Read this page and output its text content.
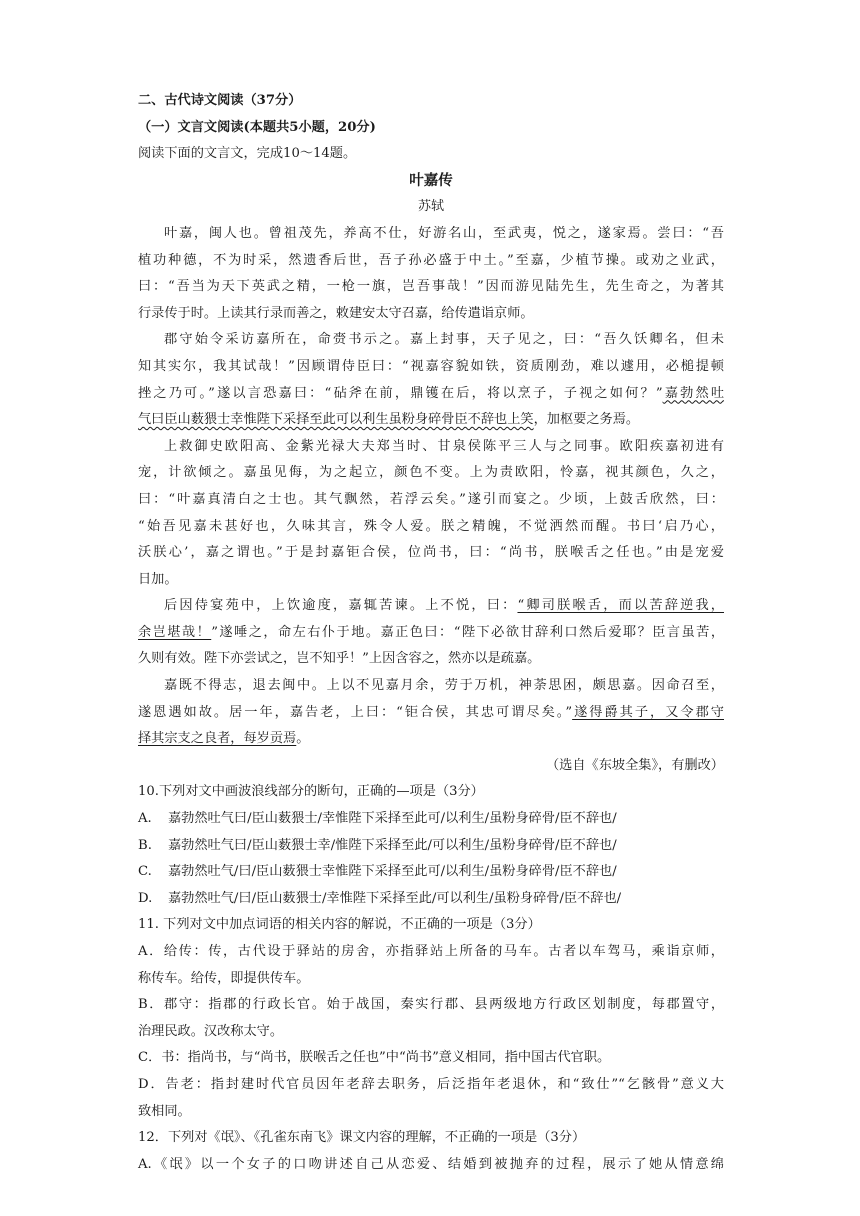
二、古代诗文阅读（37分）
（一）文言文阅读(本题共5小题，20分)
阅读下面的文言文，完成10～14题。
叶嘉传
苏轼
叶嘉，闽人也。曾祖茂先，养高不仕，好游名山，至武夷，悦之，遂家焉。尝曰：“吾
植功种德，不为时采，然遗香后世，吾子孙必盛于中土。”至嘉，少植节操。或劝之业武，
曰：“吾当为天下英武之精，一枪一旗，岂吾事哉！”因而游见陆先生，先生奇之，为著其
行录传于时。上读其行录而善之，敕建安太守召嘉，给传遣诣京师。
郡守始令采访嘉所在，命赍书示之。嘉上封事，天子见之，曰：“吾久饫卿名，但未
知其实尔，我其试哉！”因顾谓侍臣曰：“视嘉容貌如铁，资质刚劲，难以遽用，必槌提顿
挫之乃可。”遂以言恐嘉曰：“砧斧在前，鼎镬在后，将以烹子，子视之如何？”嘉勃然吐
气曰臣山薮猥士幸惟陛下采择至此可以利生虽粉身碎骨臣不辞也上笑，加枢要之务焉。
上救御史欧阳高、金紫光禄大夫郑当时、甘泉侯陈平三人与之同事。欧阳疾嘉初进有
宠，计欲倾之。嘉虽见侮，为之起立，颜色不变。上为责欧阳，怜嘉，视其颜色，久之，
曰：“叶嘉真清白之士也。其气飘然，若浮云矣。”遂引而宴之。少顷，上鼓舌欣然，曰：
“始吾见嘉未甚好也，久味其言，殊令人爱。朕之精魄，不觉洒然而醒。书曰‘启乃心，
沃朕心’，嘉之谓也。”于是封嘉钜合侯，位尚书，曰：“尚书，朕喉舌之任也。”由是宠爱
日加。
后因侍宴苑中，上饮逾度，嘉辄苦谏。上不悦，曰：“卿司朕喉舌，而以苦辞逆我，
余岂堪哉！”遂唾之，命左右仆于地。嘉正色曰：“陛下必欲甘辞利口然后爱耶？臣言虽苦，
久则有效。陛下亦尝试之，岂不知乎！”上因含容之，然亦以是疏嘉。
嘉既不得志，退去闽中。上以不见嘉月余，劳于万机，神荼思困，颇思嘉。因命召至，
遂恩遇如故。居一年，嘉告老，上曰：“钜合侯，其忠可谓尽矣。”遂得爵其子，又令郡守
择其宗支之良者，每岁贡焉。
（选自《东坡全集》，有删改）
10.下列对文中画波浪线部分的断句，正确的—项是（3分）
A. 嘉勃然吐气曰/臣山薮猥士/幸惟陛下采择至此可/以利生/虽粉身碎骨/臣不辞也/
B. 嘉勃然吐气曰/臣山薮猥士幸/惟陛下采择至此/可以利生/虽粉身碎骨/臣不辞也/
C. 嘉勃然吐气/曰/臣山薮猥士幸惟陛下采择至此可/以利生/虽粉身碎骨/臣不辞也/
D. 嘉勃然吐气/曰/臣山薮猥士/幸惟陛下采择至此/可以利生/虽粉身碎骨/臣不辞也/
11. 下列对文中加点词语的相关内容的解说，不正确的一项是（3分）
A．给传：传，古代设于驿站的房舍，亦指驿站上所备的马车。古者以车驾马，乘诣京师，
称传车。给传，即提供传车。
B．郡守：指郡的行政长官。始于战国，秦实行郡、县两级地方行政区划制度，每郡置守，
治理民政。汉改称太守。
C．书：指尚书，与“尚书，朕喉舌之任也”中“尚书”意义相同，指中国古代官职。
D．告老：指封建时代官员因年老辞去职务，后泛指年老退休，和“致仕”“乞骸骨”意义大
致相同。
12．下列对《氓》、《孔雀东南飞》课文内容的理解，不正确的一项是（3分）
A.《氓》以一个女子的口吻讲述自己从恋爱、结婚到被抛弃的过程，展示了她从情意绵
